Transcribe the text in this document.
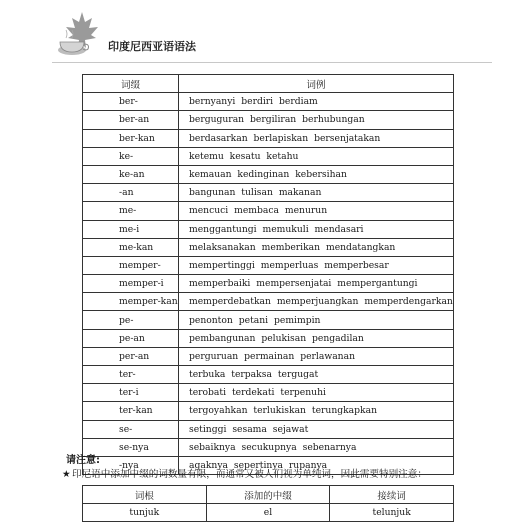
印度尼西亚语语法
词缀	词例
ber-	bernyanyi berdiri berdiam
ber-an	berguguran bergiliran berhubungan
ber-kan	berdasarkan berlapiskan bersenjatakan
ke-	ketemu kesatu ketahu
ke-an	kemauan kedinginan kebersihan
-an	bangunan tulisan makanan
me-	mencuci membaca menurun
me-i	menggantungi memukuli mendasari
me-kan	melaksanakan memberikan mendatangkan
memper-	mempertinggi memperluas memperbesar
memper-i	memperbaiki mempersenjatai mempergantungi
memper-kan	memperdebatkan memperjuangkan memperdengarkan
pe-	penonton petani pemimpin
pe-an	pembangunan pelukisan pengadilan
per-an	perguruan permainan perlawanan
ter-	terbuka terpaksa tergugat
ter-i	terobati terdekati terpenuhi
ter-kan	tergoyahkan terlukiskan terungkapkan
se-	setinggi sesama sejawat
se-nya	sebaiknya secukupnya sebenarnya
-nya	agaknya sepertinya rupanya
请注意:
★印尼语中添加中缀的词数量有限，而通常又被人们视为单纯词，因此需要特别注意：
词根	添加的中缀	接续词
tunjuk	el	telunjuk
